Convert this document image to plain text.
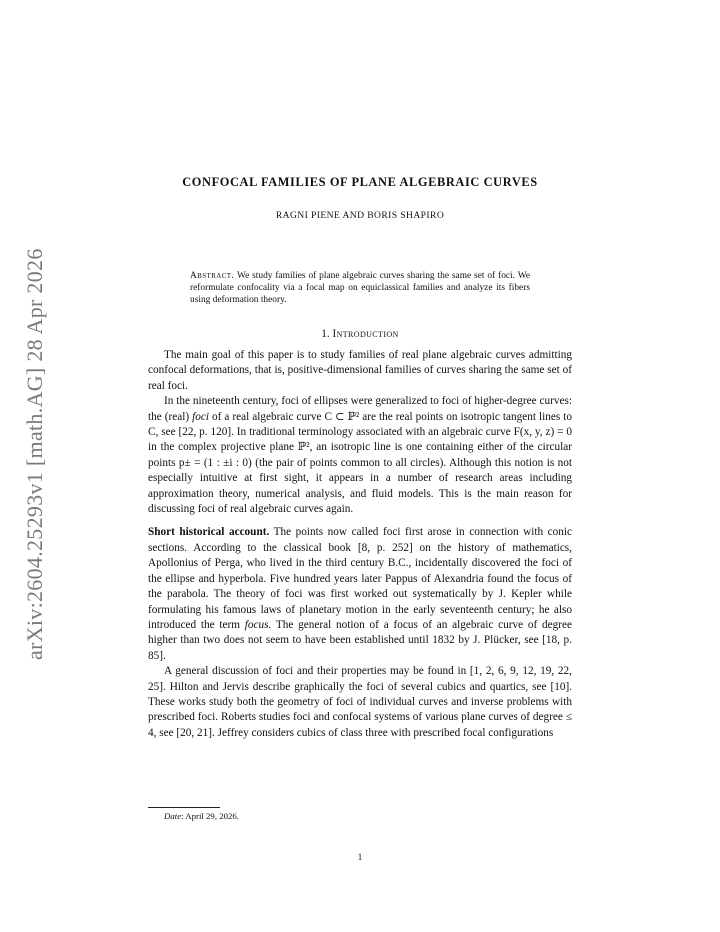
arXiv:2604.25293v1 [math.AG] 28 Apr 2026
CONFOCAL FAMILIES OF PLANE ALGEBRAIC CURVES
RAGNI PIENE AND BORIS SHAPIRO
Abstract. We study families of plane algebraic curves sharing the same set of foci. We reformulate confocality via a focal map on equiclassical families and analyze its fibers using deformation theory.
1. Introduction

The main goal of this paper is to study families of real plane algebraic curves admitting confocal deformations, that is, positive-dimensional families of curves sharing the same set of real foci.

In the nineteenth century, foci of ellipses were generalized to foci of higher-degree curves: the (real) foci of a real algebraic curve C ⊂ ℙ² are the real points on isotropic tangent lines to C, see [22, p. 120]. In traditional terminology associated with an algebraic curve F(x, y, z) = 0 in the complex projective plane ℙ², an isotropic line is one containing either of the circular points p± = (1 : ±i : 0) (the pair of points common to all circles). Although this notion is not especially intuitive at first sight, it appears in a number of research areas including approximation theory, numerical analysis, and fluid models. This is the main reason for discussing foci of real algebraic curves again.

Short historical account. The points now called foci first arose in connection with conic sections. According to the classical book [8, p. 252] on the history of mathematics, Apollonius of Perga, who lived in the third century B.C., incidentally discovered the foci of the ellipse and hyperbola. Five hundred years later Pappus of Alexandria found the focus of the parabola. The theory of foci was first worked out systematically by J. Kepler while formulating his famous laws of planetary motion in the early seventeenth century; he also introduced the term focus. The general notion of a focus of an algebraic curve of degree higher than two does not seem to have been established until 1832 by J. Plücker, see [18, p. 85].

A general discussion of foci and their properties may be found in [1, 2, 6, 9, 12, 19, 22, 25]. Hilton and Jervis describe graphically the foci of several cubics and quartics, see [10]. These works study both the geometry of foci of individual curves and inverse problems with prescribed foci. Roberts studies foci and confocal systems of various plane curves of degree ≤ 4, see [20, 21]. Jeffrey considers cubics of class three with prescribed focal configurations

Date: April 29, 2026.
1
